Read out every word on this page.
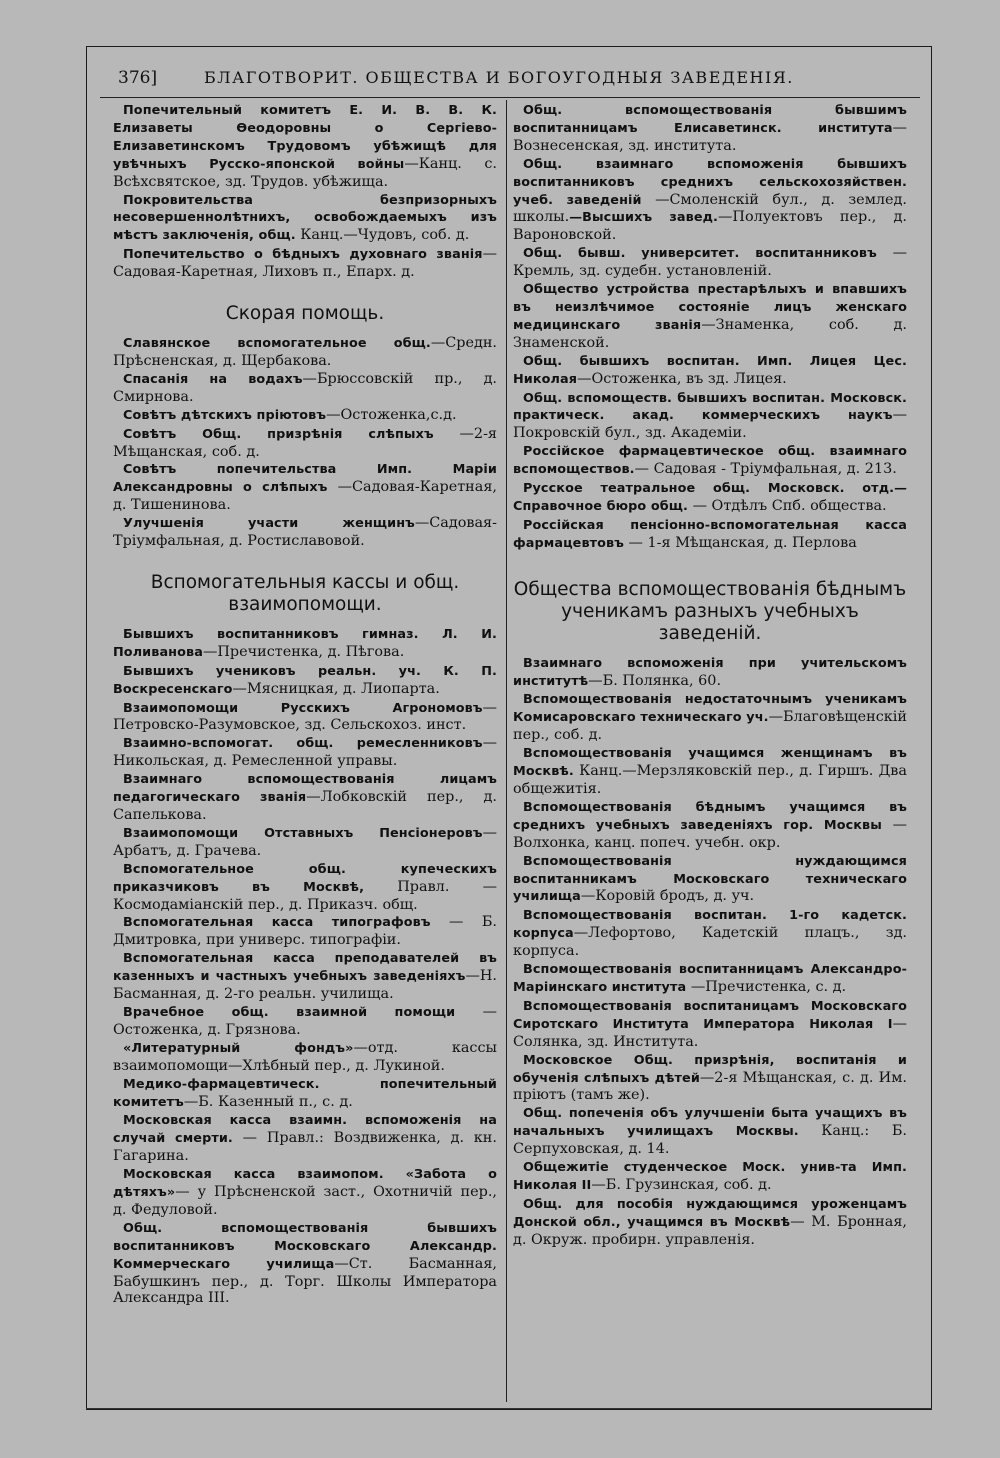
376]	БЛАГОТВОРИТ. ОБЩЕСТВА И БОГОУГОДНЫЯ ЗАВЕДЕНІЯ.

Попечительный комитетъ Е. И. В. В. К. Елизаветы Ѳеодоровны о Сергіево-Елизаветинскомъ Трудовомъ убѣжищѣ для увѣчныхъ Русско-японской войны—Канц. с. Всѣхсвятское, зд. Трудов. убѣжища.

Покровительства безпризорныхъ несовершеннолѣтнихъ, освобождаемыхъ изъ мѣстъ заключенія, общ. Канц.—Чудовъ, соб. д.

Попечительство о бѣдныхъ духовнаго званія—Садовая-Каретная, Лиховъ п., Епарх. д.

Скорая помощь.

Славянское вспомогательное общ.—Средн. Прѣсненская, д. Щербакова.

Спасанія на водахъ—Брюссовскій пр., д. Смирнова.

Совѣтъ дѣтскихъ пріютовъ—Остоженка,с.д.

Совѣтъ Общ. призрѣнія слѣпыхъ —2-я Мѣщанская, соб. д.

Совѣтъ попечительства Имп. Маріи Александровны о слѣпыхъ —Садовая-Каретная, д. Тишенинова.

Улучшенія участи женщинъ—Садовая-Тріумфальная, д. Ростиславовой.

Вспомогательныя кассы и общ. взаимопомощи.

Бывшихъ воспитанниковъ гимназ. Л. И. Поливанова—Пречистенка, д. Пѣгова.

Бывшихъ учениковъ реальн. уч. К. П. Воскресенскаго—Мясницкая, д. Лиопарта.

Взаимопомощи Русскихъ Агрономовъ—Петровско-Разумовское, зд. Сельскохоз. инст.

Взаимно-вспомогат. общ. ремесленниковъ—Никольская, д. Ремесленной управы.

Взаимнаго вспомоществованія лицамъ педагогическаго званія—Лобковскій пер., д. Сапелькова.

Взаимопомощи Отставныхъ Пенсіонеровъ— Арбатъ, д. Грачева.

Вспомогательное общ. купеческихъ приказчиковъ въ Москвѣ, Правл. — Космодаміанскій пер., д. Приказч. общ.

Вспомогательная касса типографовъ — Б. Дмитровка, при универс. типографіи.

Вспомогательная касса преподавателей въ казенныхъ и частныхъ учебныхъ заведеніяхъ—Н. Басманная, д. 2-го реальн. училища.

Врачебное общ. взаимной помощи — Остоженка, д. Грязнова.

«Литературный фондъ»—отд. кассы взаимопомощи—Хлѣбный пер., д. Лукиной.

Медико-фармацевтическ. попечительный комитетъ—Б. Казенный п., с. д.

Московская касса взаимн. вспоможенія на случай смерти. — Правл.: Воздвиженка, д. кн. Гагарина.

Московская касса взаимопом. «Забота о дѣтяхъ»— у Прѣсненской заст., Охотничій пер., д. Федуловой.

Общ. вспомоществованія бывшихъ воспитанниковъ Московскаго Александр. Коммерческаго училища—Ст. Басманная, Бабушкинъ пер., д. Торг. Школы Императора Александра III.

Общ. вспомоществованія бывшимъ воспитанницамъ Елисаветинск. института—Вознесенская, зд. института.

Общ. взаимнаго вспоможенія бывшихъ воспитанниковъ среднихъ сельскохозяйствен. учеб. заведеній —Смоленскій бул., д. землед. школы.—Высшихъ завед.—Полуектовъ пер., д. Вароновской.

Общ. бывш. университет. воспитанниковъ —Кремль, зд. судебн. установленій.

Общество устройства престарѣлыхъ и впавшихъ въ неизлѣчимое состояніе лицъ женскаго медицинскаго званія—Знаменка, соб. д. Знаменской.

Общ. бывшихъ воспитан. Имп. Лицея Цес. Николая—Остоженка, въ зд. Лицея.

Общ. вспомоществ. бывшихъ воспитан. Московск. практическ. акад. коммерческихъ наукъ—Покровскій бул., зд. Академіи.

Россійское фармацевтическое общ. взаимнаго вспомоществов.— Садовая - Тріумфальная, д. 213.

Русское театральное общ. Московск. отд.— Справочное бюро общ. — Отдѣлъ Спб. общества.

Россійская пенсіонно-вспомогательная касса фармацевтовъ — 1-я Мѣщанская, д. Перлова

Общества вспомоществованія бѣднымъ ученикамъ разныхъ учебныхъ заведеній.

Взаимнаго вспоможенія при учительскомъ институтѣ—Б. Полянка, 60.

Вспомоществованія недостаточнымъ ученикамъ Комисаровскаго техническаго уч.—Благовѣщенскій пер., соб. д.

Вспомоществованія учащимся женщинамъ въ Москвѣ. Канц.—Мерзляковскій пер., д. Гиршъ. Два общежитія.

Вспомоществованія бѣднымъ учащимся въ среднихъ учебныхъ заведеніяхъ гор. Москвы — Волхонка, канц. попеч. учебн. окр.

Вспомоществованія нуждающимся воспитанникамъ Московскаго техническаго училища—Коровій бродъ, д. уч.

Вспомоществованія воспитан. 1-го кадетск. корпуса—Лефортово, Кадетскій плацъ., зд. корпуса.

Вспомоществованія воспитанницамъ Александро-Маріинскаго института —Пречистенка, с. д.

Вспомоществованія воспитаницамъ Московскаго Сиротскаго Института Императора Николая I—Солянка, зд. Института.

Московское Общ. призрѣнія, воспитанія и обученія слѣпыхъ дѣтей—2-я Мѣщанская, с. д. Им. пріютъ (тамъ же).

Общ. попеченія объ улучшеніи быта учащихъ въ начальныхъ училищахъ Москвы. Канц.: Б. Серпуховская, д. 14.

Общежитіе студенческое Моск. унив-та Имп. Николая II—Б. Грузинская, соб. д.

Общ. для пособія нуждающимся уроженцамъ Донской обл., учащимся въ Москвѣ— М. Бронная, д. Окруж. пробирн. управленія.
